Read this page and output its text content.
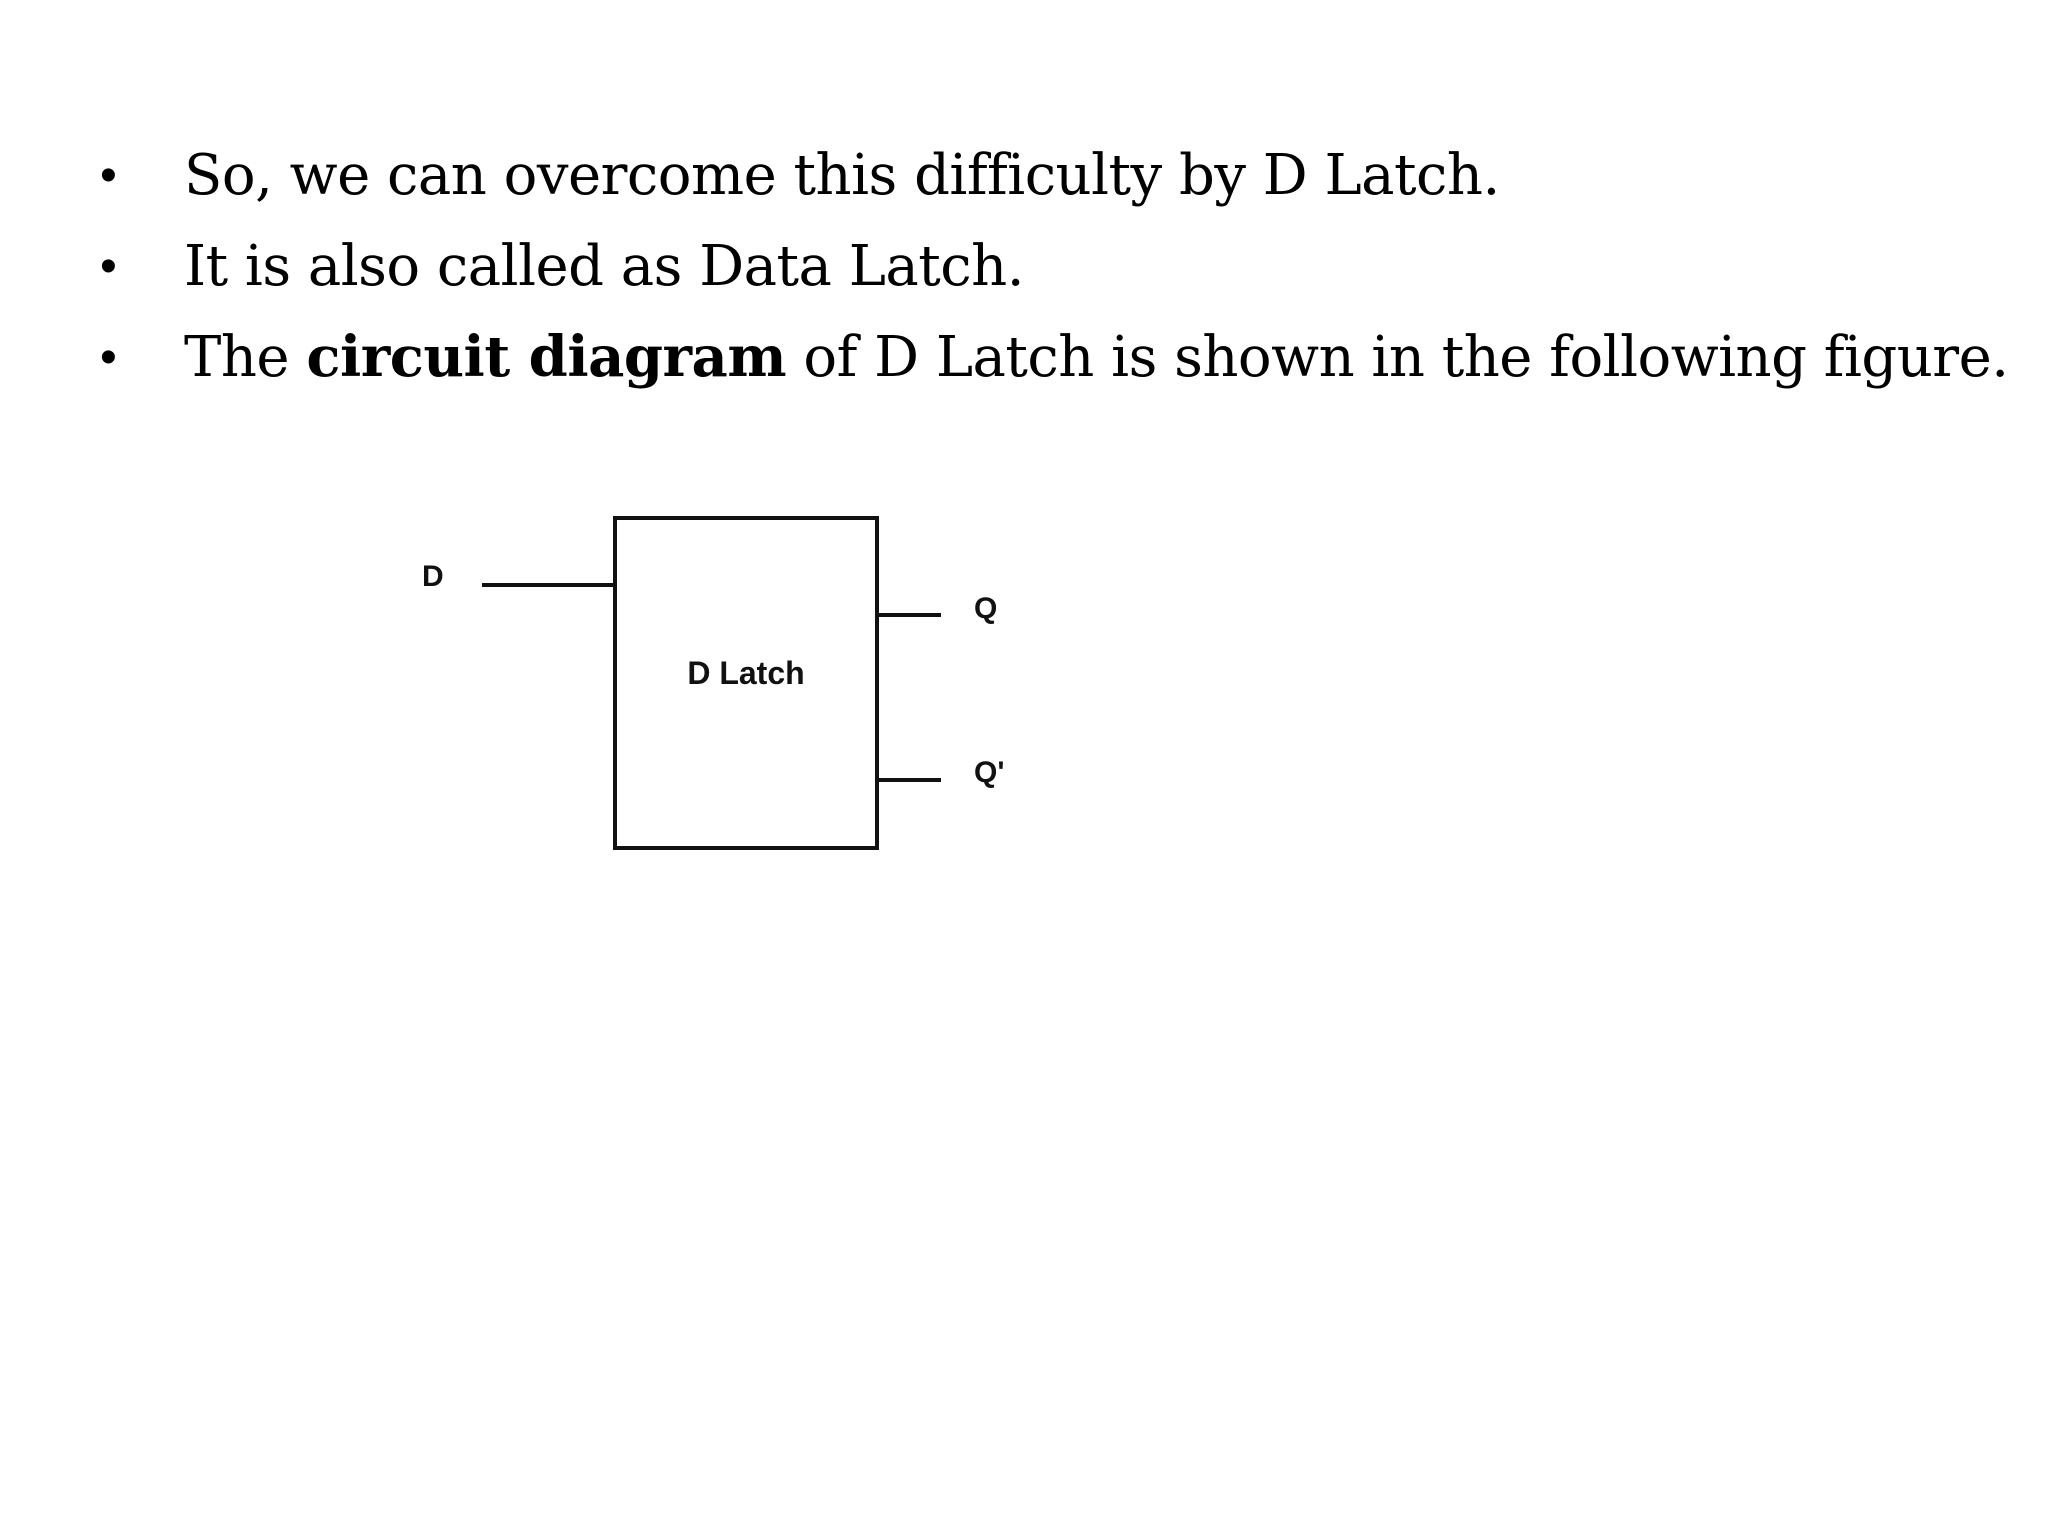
•	So, we can overcome this difficulty by D Latch.
•	It is also called as Data Latch.
•	The circuit diagram of D Latch is shown in the following figure.
D
Q
Q'
D Latch
